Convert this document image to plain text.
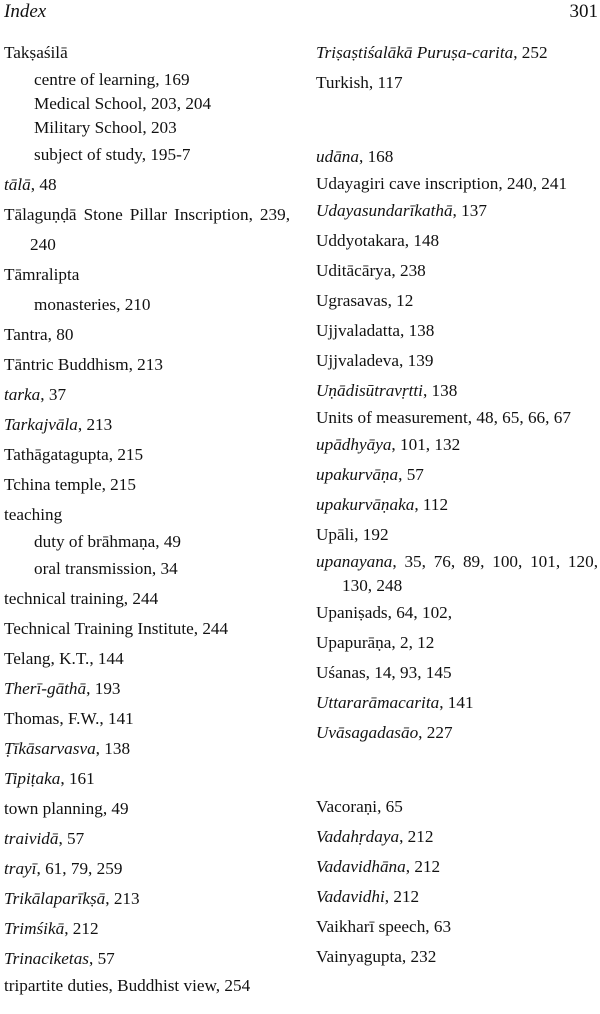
Index	301

Takṣaśilā

centre of learning, 169

Medical School, 203, 204

Military School, 203

subject of study, 195-7

tālā, 48

Tālaguṇḍā Stone Pillar Inscription, 239, 240

Tāmralipta

monasteries, 210

Tantra, 80

Tāntric Buddhism, 213

tarka, 37

Tarkajvāla, 213

Tathāgatagupta, 215

Tchina temple, 215

teaching

duty of brāhmaṇa, 49

oral transmission, 34

technical training, 244

Technical Training Institute, 244

Telang, K.T., 144

Therī-gāthā, 193

Thomas, F.W., 141

Ṭīkāsarvasva, 138

Tipiṭaka, 161

town planning, 49

traividā, 57

trayī, 61, 79, 259

Trikālaparīkṣā, 213

Trimśikā, 212

Trinaciketas, 57

tripartite duties, Buddhist view, 254

Triṣaṣtiśalākā Puruṣa-carita, 252

Turkish, 117

udāna, 168

Udayagiri cave inscription, 240, 241

Udayasundarīkathā, 137

Uddyotakara, 148

Uditācārya, 238

Ugrasavas, 12

Ujjvaladatta, 138

Ujjvaladeva, 139

Uṇādisūtravṛtti, 138

Units of measurement, 48, 65, 66, 67

upādhyāya, 101, 132

upakurvāṇa, 57

upakurvāṇaka, 112

Upāli, 192

upanayana, 35, 76, 89, 100, 101, 120, 130, 248

Upaniṣads, 64, 102,

Upapurāṇa, 2, 12

Uśanas, 14, 93, 145

Uttararāmacarita, 141

Uvāsagadasāo, 227

Vacoraṇi, 65

Vadahṛdaya, 212

Vadavidhāna, 212

Vadavidhi, 212

Vaikharī speech, 63

Vainyagupta, 232
